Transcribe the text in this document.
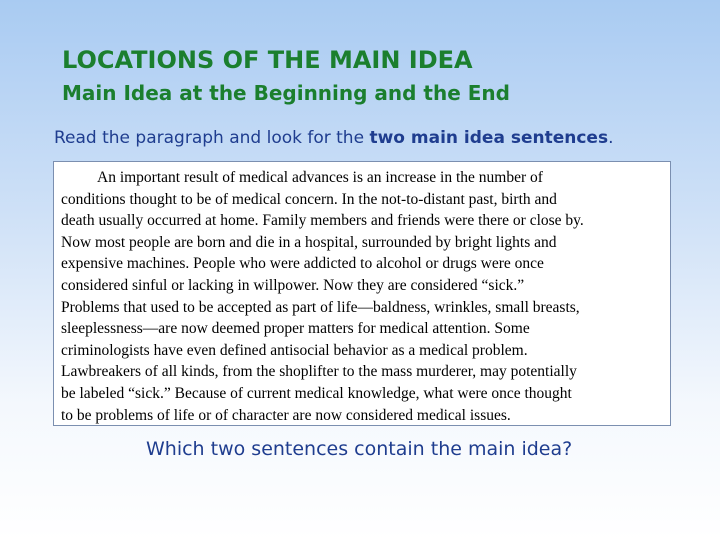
LOCATIONS OF THE MAIN IDEA
Main Idea at the Beginning and the End
Read the paragraph and look for the two main idea sentences.
An important result of medical advances is an increase in the number of
conditions thought to be of medical concern. In the not-to-distant past, birth and
death usually occurred at home. Family members and friends were there or close by.
Now most people are born and die in a hospital, surrounded by bright lights and
expensive machines. People who were addicted to alcohol or drugs were once
considered sinful or lacking in willpower. Now they are considered “sick.”
Problems that used to be accepted as part of life—baldness, wrinkles, small breasts,
sleeplessness—are now deemed proper matters for medical attention. Some
criminologists have even defined antisocial behavior as a medical problem.
Lawbreakers of all kinds, from the shoplifter to the mass murderer, may potentially
be labeled “sick.” Because of current medical knowledge, what were once thought
to be problems of life or of character are now considered medical issues.
Which two sentences contain the main idea?
